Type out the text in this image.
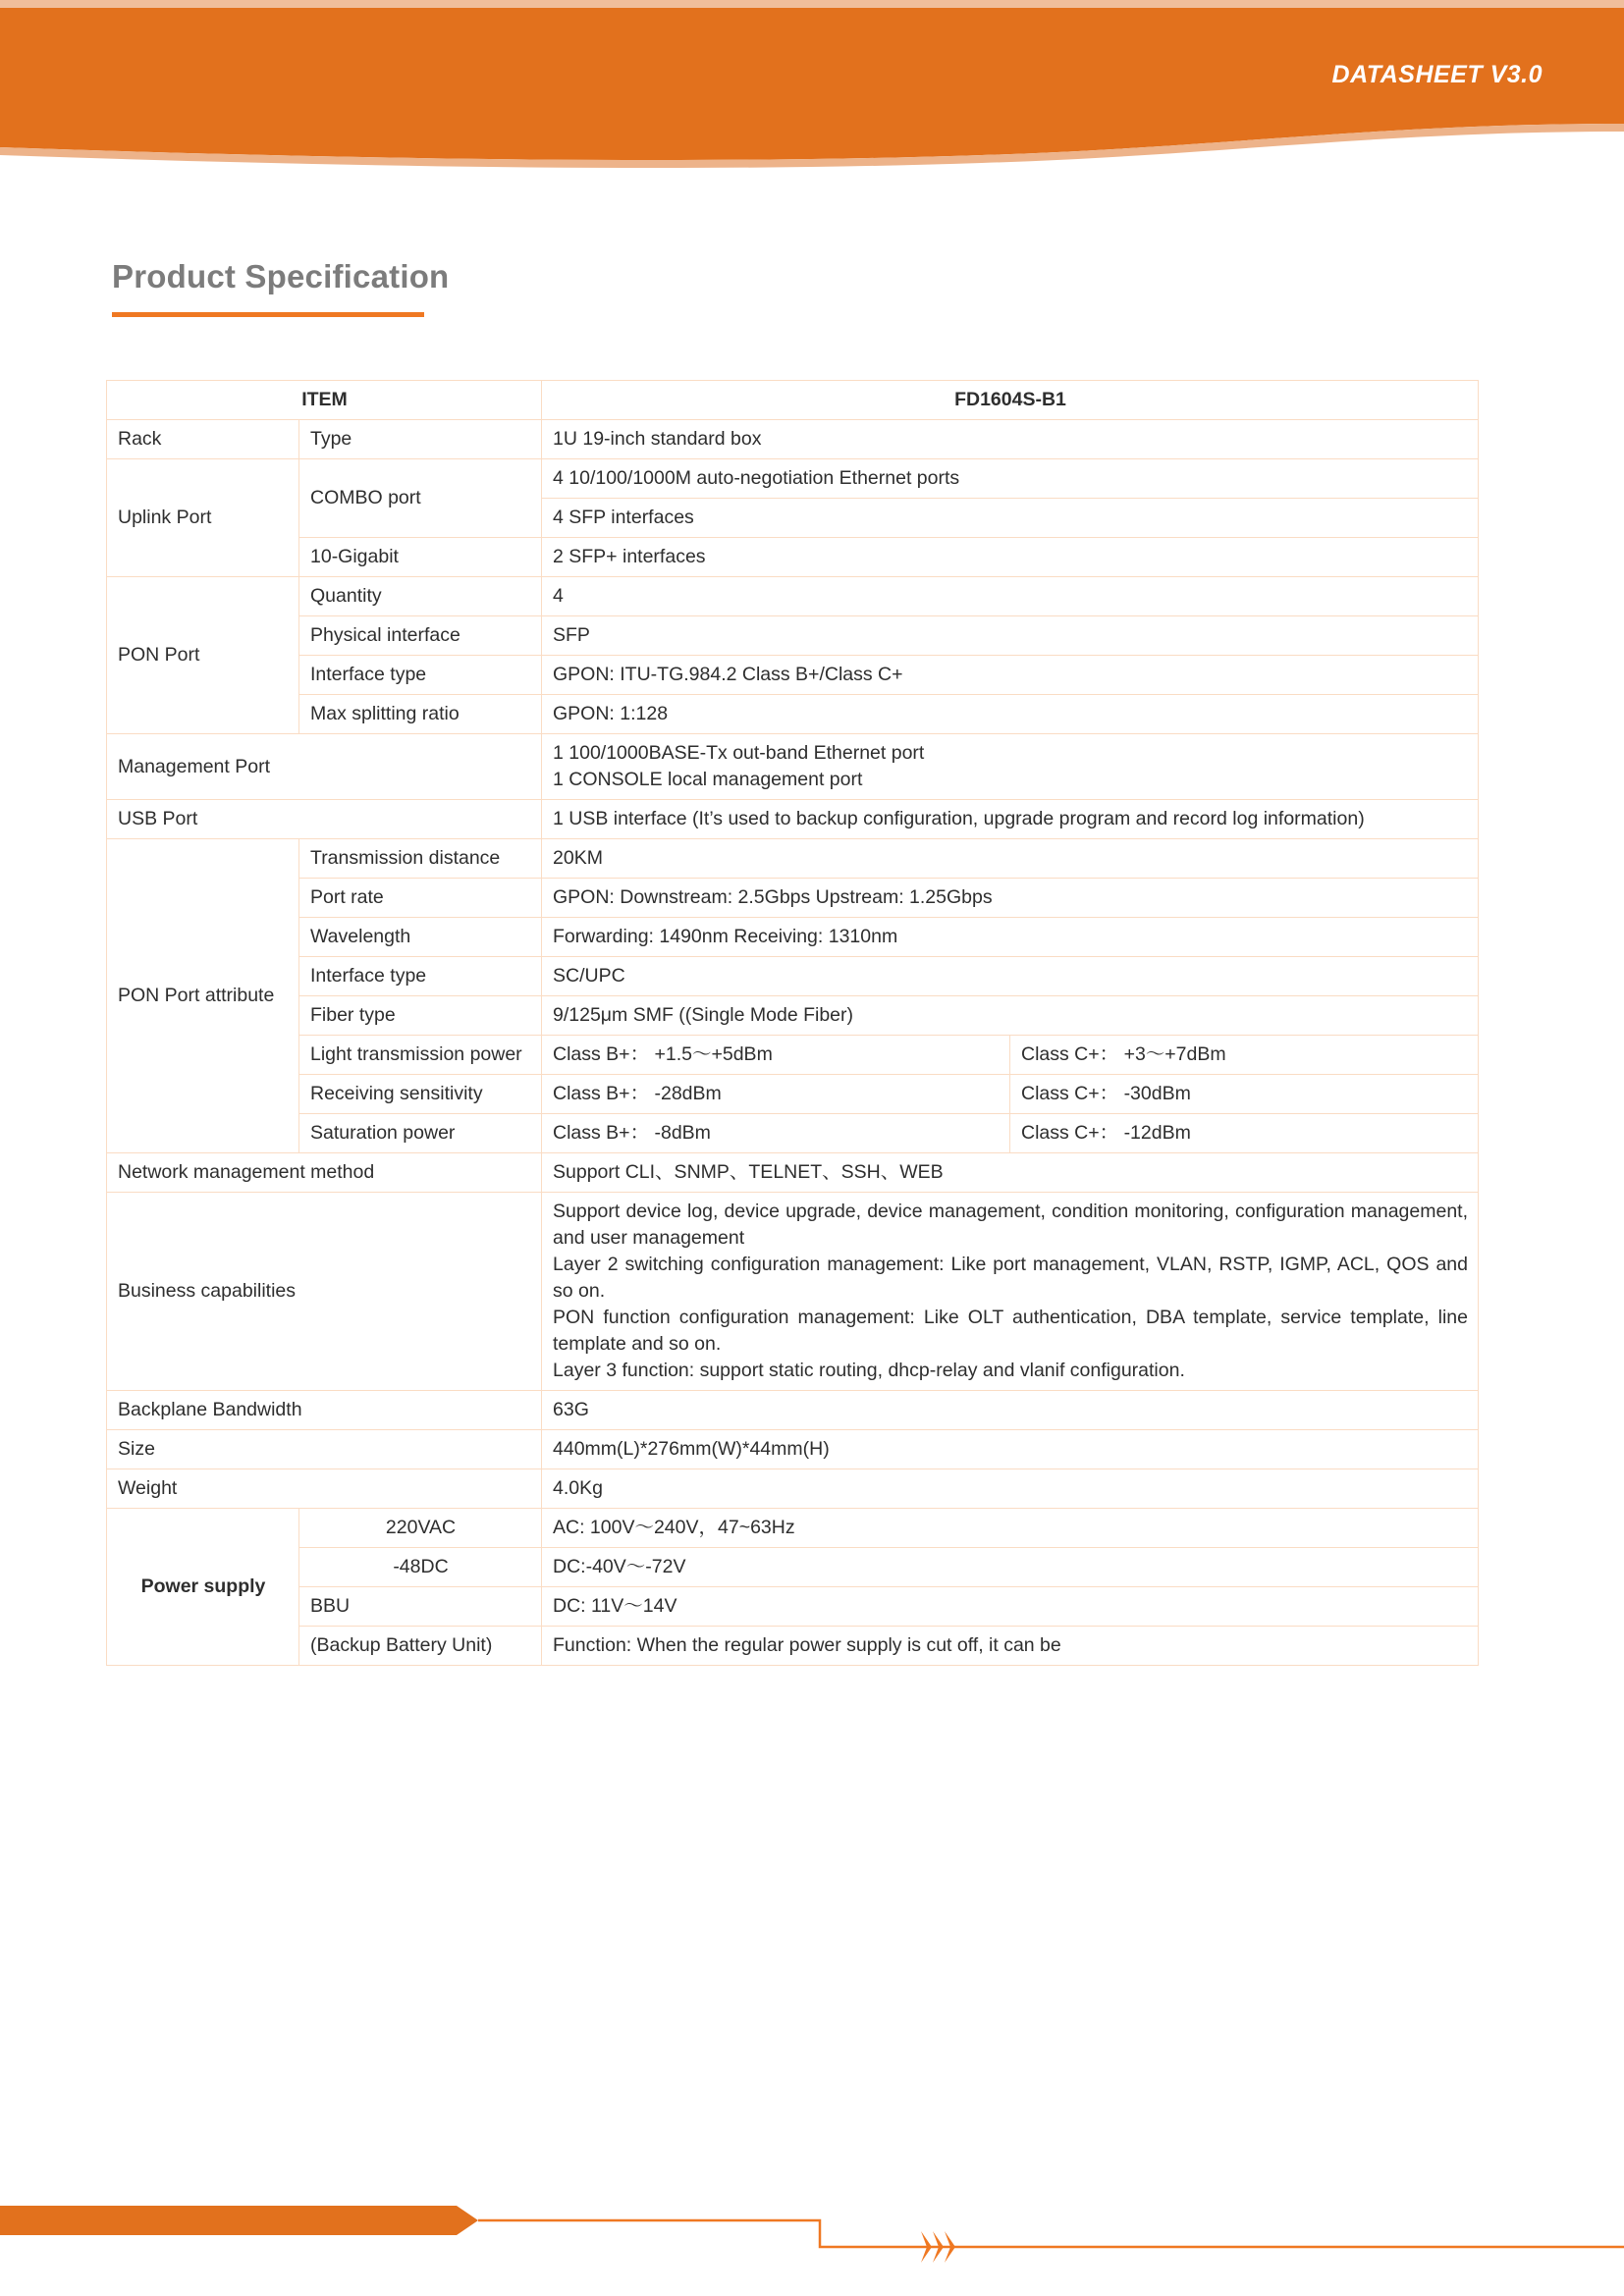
DATASHEET V3.0
Product Specification
ITEM		FD1604S-B1	
Rack	Type	1U 19-inch standard box	
Uplink Port	COMBO port	4 10/100/1000M auto-negotiation Ethernet ports	
		4 SFP interfaces	
	10-Gigabit	2 SFP+ interfaces	
PON Port	Quantity	4	
	Physical interface	SFP	
	Interface type	GPON: ITU-TG.984.2 Class B+/Class C+	
	Max splitting ratio	GPON: 1:128	
Management Port		1 100/1000BASE-Tx out-band Ethernet port
1 CONSOLE local management port	

USB Port		1 USB interface (It’s used to backup configuration, upgrade program and record log information)	
PON Port attribute	Transmission distance	20KM	
	Port rate	GPON: Downstream: 2.5Gbps Upstream: 1.25Gbps	
	Wavelength	Forwarding: 1490nm Receiving: 1310nm	
	Interface type	SC/UPC	
	Fiber type	9/125μm SMF ((Single Mode Fiber)	
	Light transmission power	Class B+： +1.5〜+5dBm	Class C+： +3〜+7dBm
	Receiving sensitivity	Class B+： -28dBm	Class C+： -30dBm
	Saturation power	Class B+： -8dBm	Class C+： -12dBm
Network management method		Support CLI、SNMP、TELNET、SSH、WEB	
Business capabilities		Support device log, device upgrade, device management, condition monitoring, configuration management, and user management
Layer 2 switching configuration management: Like port management, VLAN, RSTP, IGMP, ACL, QOS and so on.
PON function configuration management: Like OLT authentication, DBA template, service template, line template and so on.
Layer 3 function: support static routing, dhcp-relay and vlanif configuration.	

Backplane Bandwidth		63G	
Size		440mm(L)*276mm(W)*44mm(H)	
Weight		4.0Kg	
Power supply	220VAC	AC: 100V〜240V，47~63Hz	
	-48DC	DC:-40V〜-72V	
	BBU	DC: 11V〜14V	
	(Backup Battery Unit)	Function: When the regular power supply is cut off, it can be	
